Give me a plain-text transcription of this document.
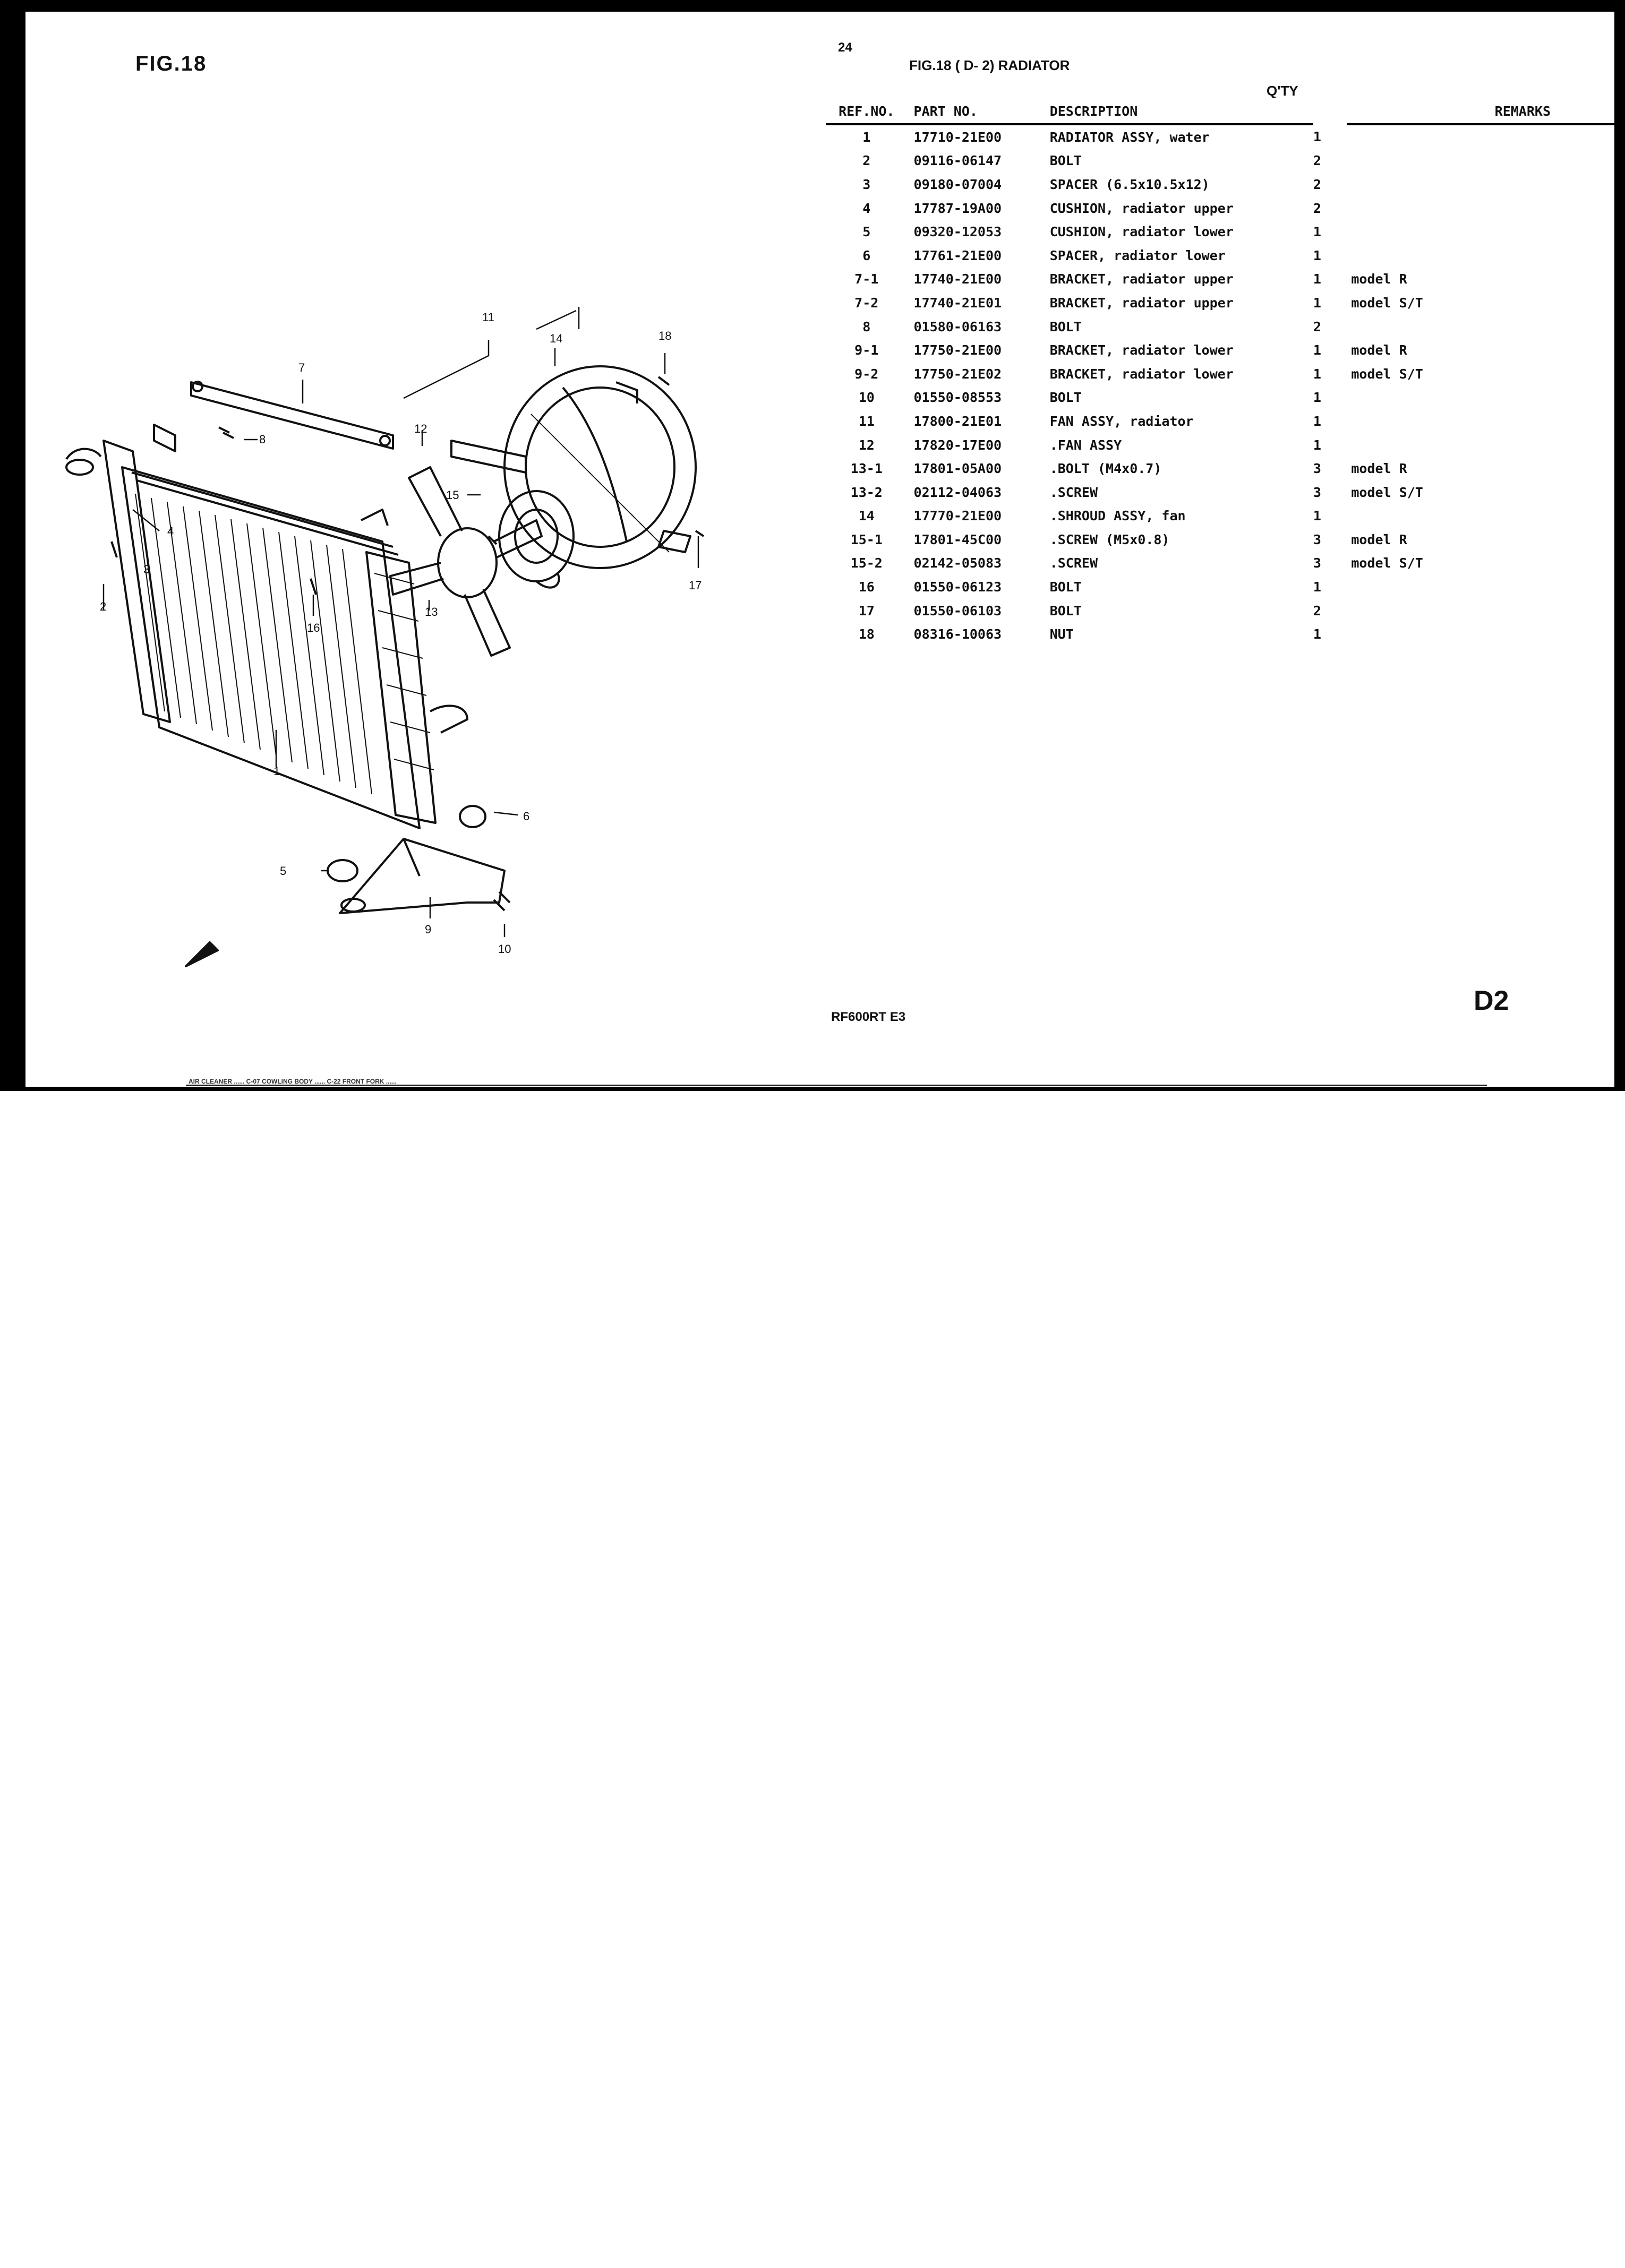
11
14	18
7
8
12
15
4
3
13
17
16
2
1
6
5
9
10
FIG.18
24
FIG.18 ( D- 2) RADIATOR
Q'TY
REF.NO.	PART NO.	DESCRIPTION		REMARKS
1	17710-21E00	RADIATOR ASSY, water	1	
2	09116-06147	BOLT	2	
3	09180-07004	SPACER (6.5x10.5x12)	2	
4	17787-19A00	CUSHION, radiator upper	2	
5	09320-12053	CUSHION, radiator lower	1	
6	17761-21E00	SPACER, radiator lower	1	
7-1	17740-21E00	BRACKET, radiator upper	1	model R
7-2	17740-21E01	BRACKET, radiator upper	1	model S/T
8	01580-06163	BOLT	2	
9-1	17750-21E00	BRACKET, radiator lower	1	model R
9-2	17750-21E02	BRACKET, radiator lower	1	model S/T
10	01550-08553	BOLT	1	
11	17800-21E01	FAN ASSY, radiator	1	
12	17820-17E00	.FAN ASSY	1	
13-1	17801-05A00	.BOLT (M4x0.7)	3	model R
13-2	02112-04063	.SCREW	3	model S/T
14	17770-21E00	.SHROUD ASSY, fan	1	
15-1	17801-45C00	.SCREW (M5x0.8)	3	model R
15-2	02142-05083	.SCREW	3	model S/T
16	01550-06123	BOLT	1	
17	01550-06103	BOLT	2	
18	08316-10063	NUT	1	
RF600RT E3
D2
AIR CLEANER ...... C-07 COWLING BODY ...... C-22 FRONT FORK ......
